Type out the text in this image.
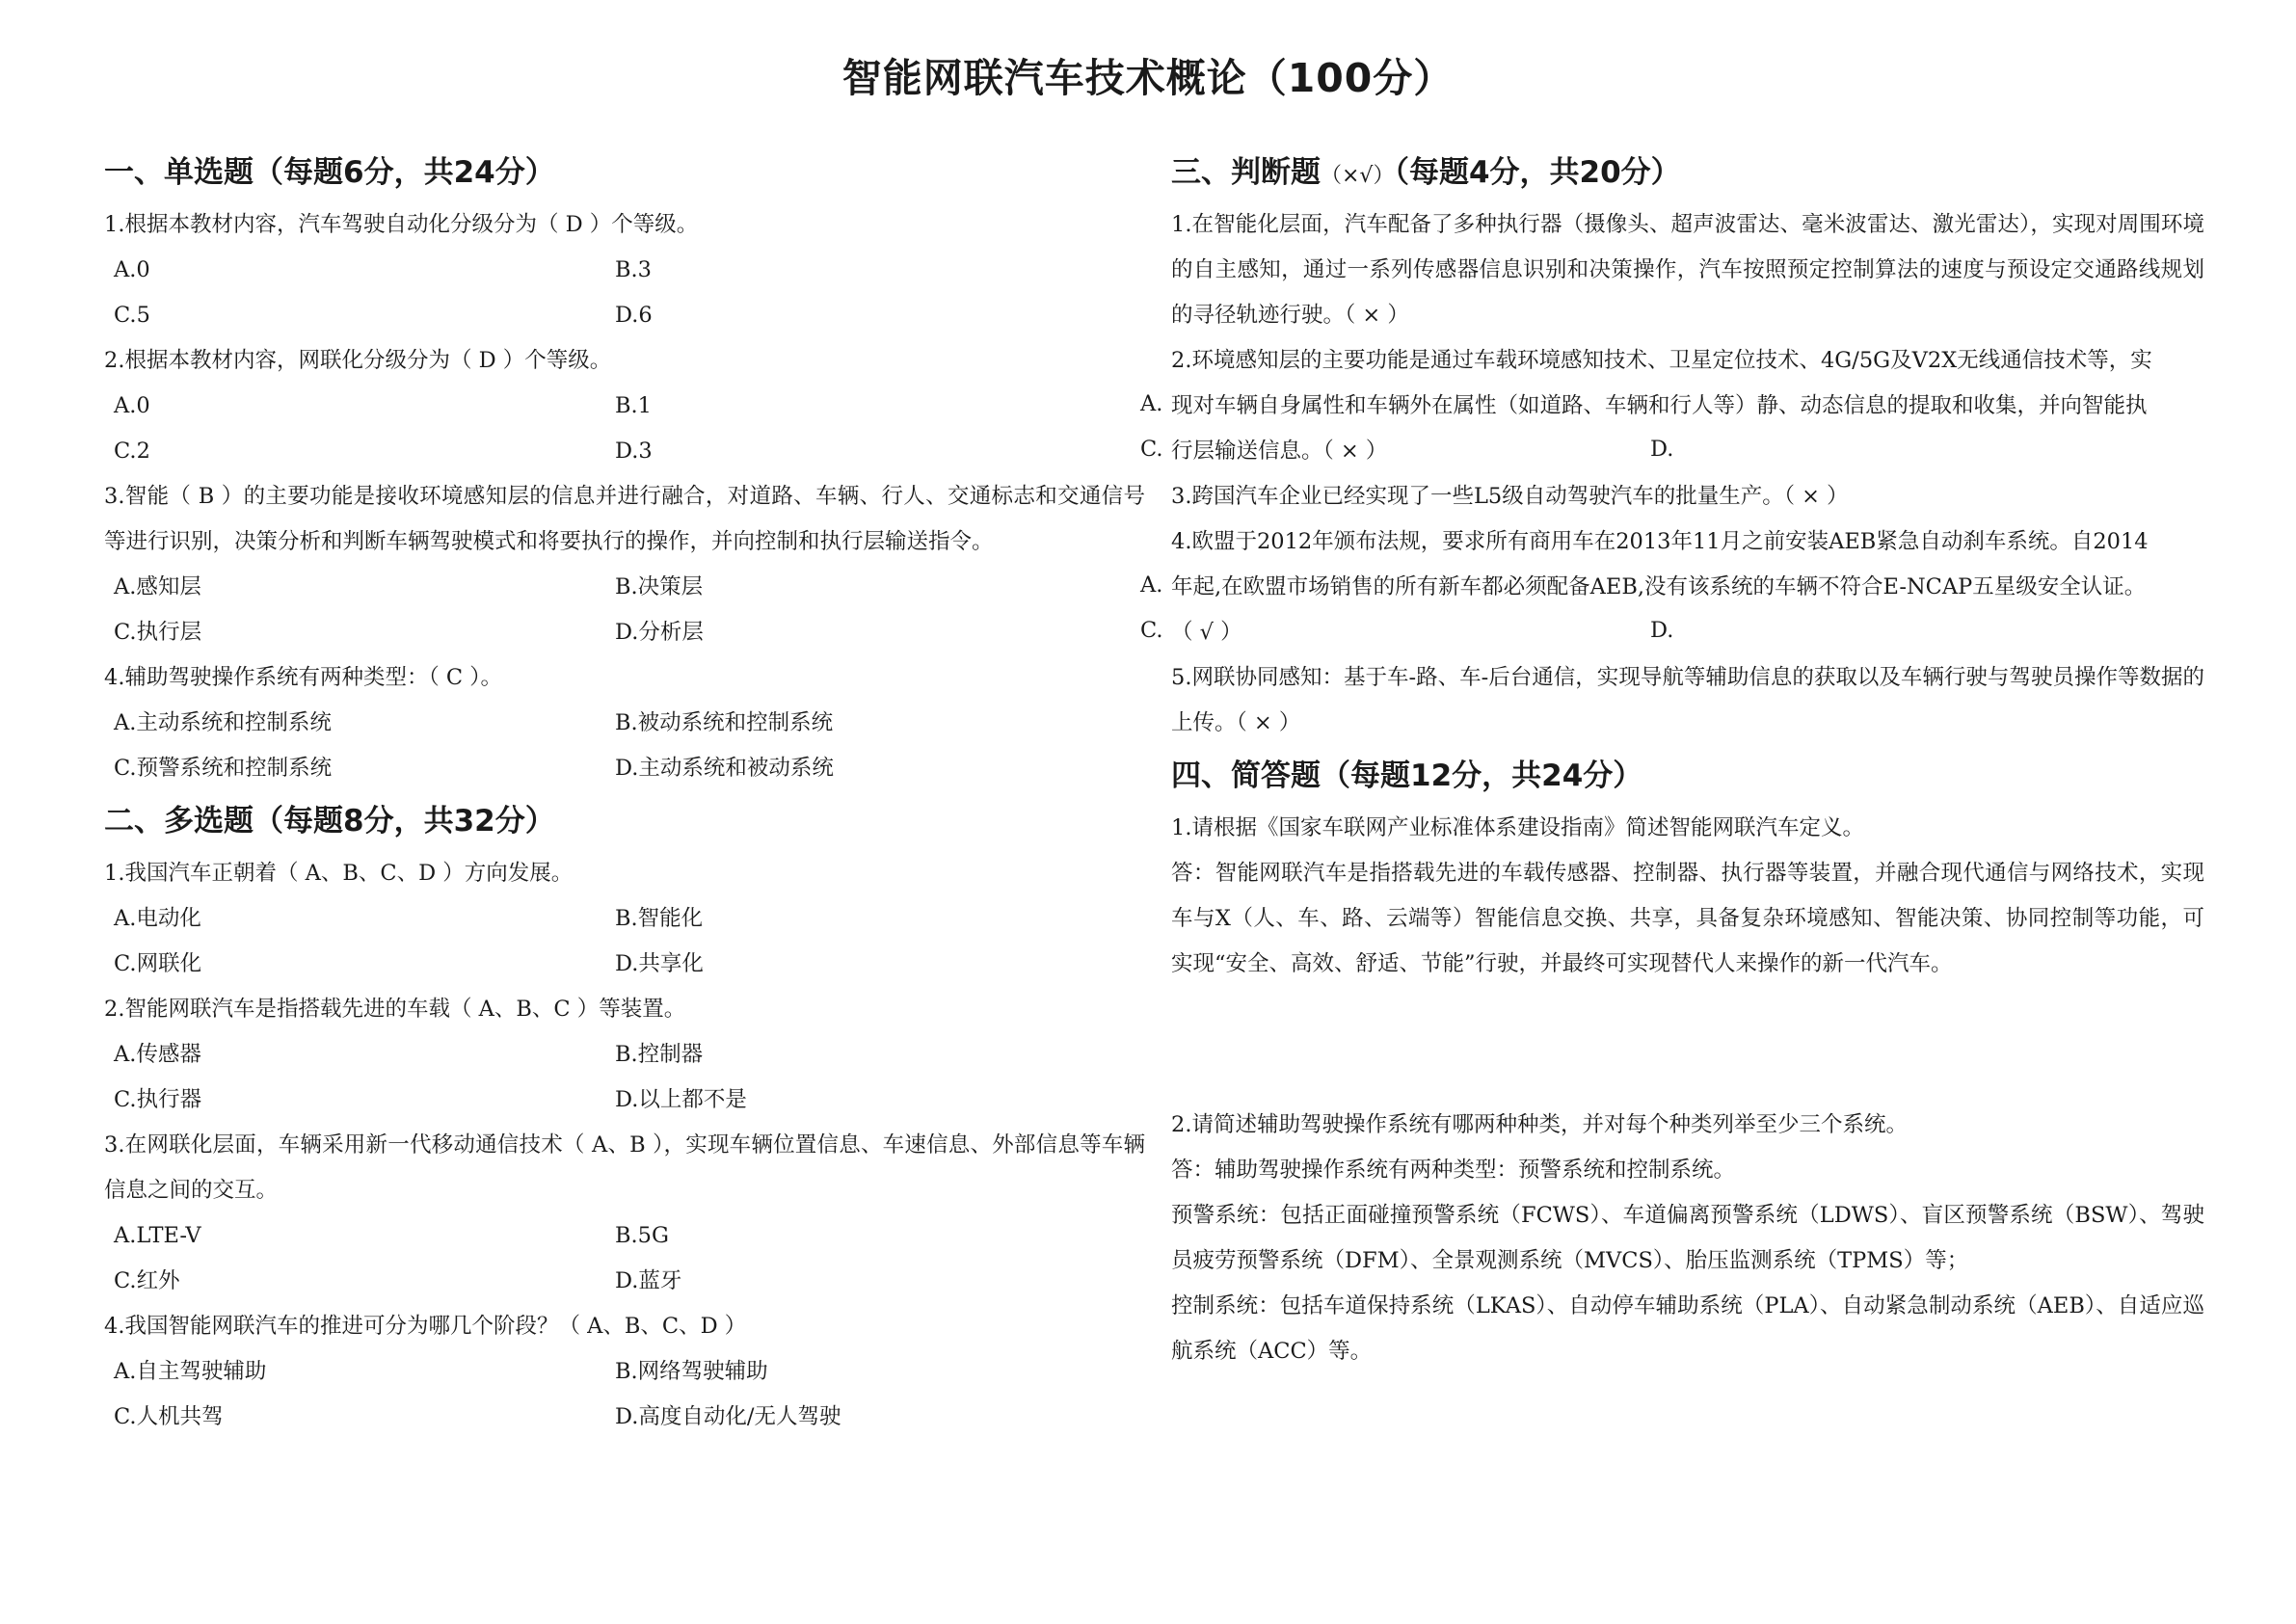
智能网联汽车技术概论（100分）
一、单选题（每题6分，共24分）
1.根据本教材内容，汽车驾驶自动化分级分为（ D ）个等级。
A.0	B.3
C.5	D.6
2.根据本教材内容，网联化分级分为（ D ）个等级。
A.0	B.1
C.2	D.3
3.智能（ B ）的主要功能是接收环境感知层的信息并进行融合，对道路、车辆、行人、交通标志和交通信号等进行识别，决策分析和判断车辆驾驶模式和将要执行的操作，并向控制和执行层输送指令。
A.感知层	B.决策层
C.执行层	D.分析层
4.辅助驾驶操作系统有两种类型：（ C ）。
A.主动系统和控制系统	B.被动系统和控制系统
C.预警系统和控制系统	D.主动系统和被动系统
二、多选题（每题8分，共32分）
1.我国汽车正朝着（ A、B、C、D ）方向发展。
A.电动化	B.智能化
C.网联化	D.共享化
2.智能网联汽车是指搭载先进的车载（ A、B、C ）等装置。
A.传感器	B.控制器
C.执行器	D.以上都不是
3.在网联化层面，车辆采用新一代移动通信技术（ A、B ），实现车辆位置信息、车速信息、外部信息等车辆信息之间的交互。
A.LTE-V	B.5G
C.红外	D.蓝牙
4.我国智能网联汽车的推进可分为哪几个阶段？（ A、B、C、D ）
A.自主驾驶辅助	B.网络驾驶辅助
C.人机共驾	D.高度自动化/无人驾驶
A.
C.	D.
A.
C.	D.
三、判断题（×√）（每题4分，共20分）
1.在智能化层面，汽车配备了多种执行器（摄像头、超声波雷达、毫米波雷达、激光雷达），实现对周围环境的自主感知，通过一系列传感器信息识别和决策操作，汽车按照预定控制算法的速度与预设定交通路线规划的寻径轨迹行驶。（ × ）
2.环境感知层的主要功能是通过车载环境感知技术、卫星定位技术、4G/5G及V2X无线通信技术等，实
现对车辆自身属性和车辆外在属性（如道路、车辆和行人等）静、动态信息的提取和收集，并向智能执
行层输送信息。（ × ）
3.跨国汽车企业已经实现了一些L5级自动驾驶汽车的批量生产。（ × ）
4.欧盟于2012年颁布法规，要求所有商用车在2013年11月之前安装AEB紧急自动刹车系统。自2014
年起,在欧盟市场销售的所有新车都必须配备AEB,没有该系统的车辆不符合E-NCAP五星级安全认证。
（ √ ）
5.网联协同感知：基于车-路、车-后台通信，实现导航等辅助信息的获取以及车辆行驶与驾驶员操作等数据的上传。（ × ）
四、简答题（每题12分，共24分）
1.请根据《国家车联网产业标准体系建设指南》简述智能网联汽车定义。
答：智能网联汽车是指搭载先进的车载传感器、控制器、执行器等装置，并融合现代通信与网络技术，实现车与X（人、车、路、云端等）智能信息交换、共享，具备复杂环境感知、智能决策、协同控制等功能，可实现“安全、高效、舒适、节能”行驶，并最终可实现替代人来操作的新一代汽车。
2.请简述辅助驾驶操作系统有哪两种种类，并对每个种类列举至少三个系统。
答：辅助驾驶操作系统有两种类型：预警系统和控制系统。
预警系统：包括正面碰撞预警系统（FCWS）、车道偏离预警系统（LDWS）、盲区预警系统（BSW）、驾驶员疲劳预警系统（DFM）、全景观测系统（MVCS）、胎压监测系统（TPMS）等；
控制系统：包括车道保持系统（LKAS）、自动停车辅助系统（PLA）、自动紧急制动系统（AEB）、自适应巡航系统（ACC）等。
